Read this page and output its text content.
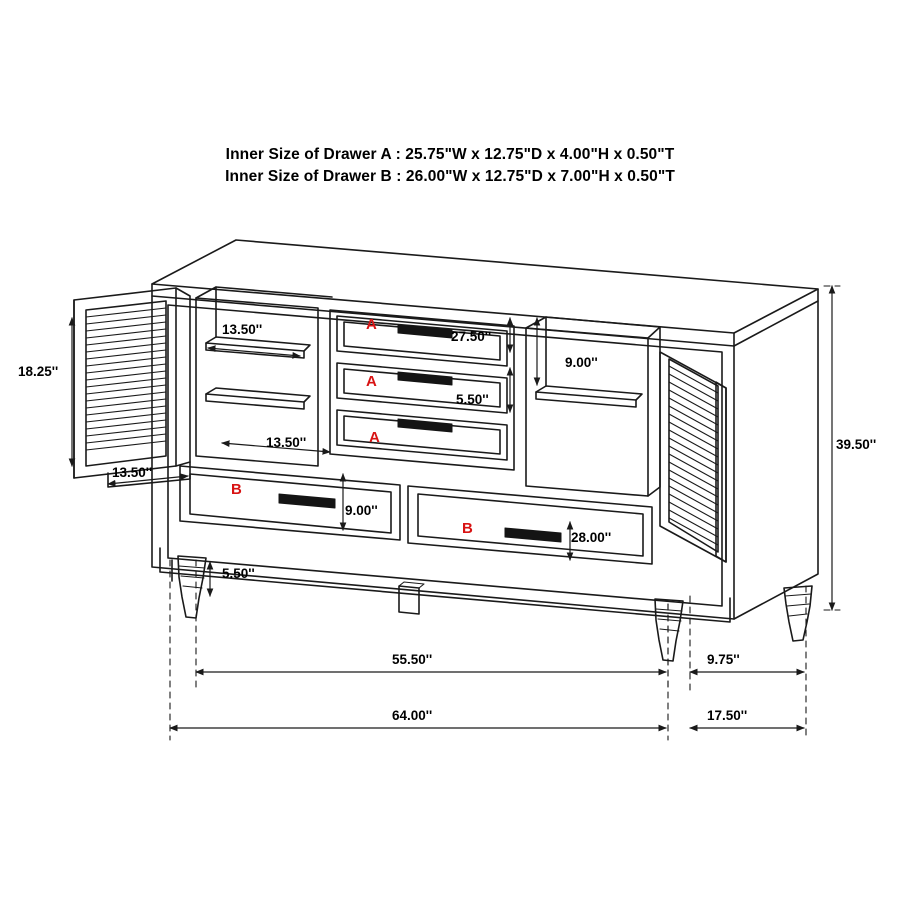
Inner Size of Drawer A : 25.75"W x 12.75"D x 4.00"H x 0.50"T
Inner Size of Drawer B : 26.00"W x 12.75"D x 7.00"H x 0.50"T
13.50''
13.50''
18.25''
13.50''
27.50''
5.50''
9.00''
9.00''
28.00''
5.50''
39.50''
55.50''	9.75''
64.00''	17.50''
A
A
A
B
B
